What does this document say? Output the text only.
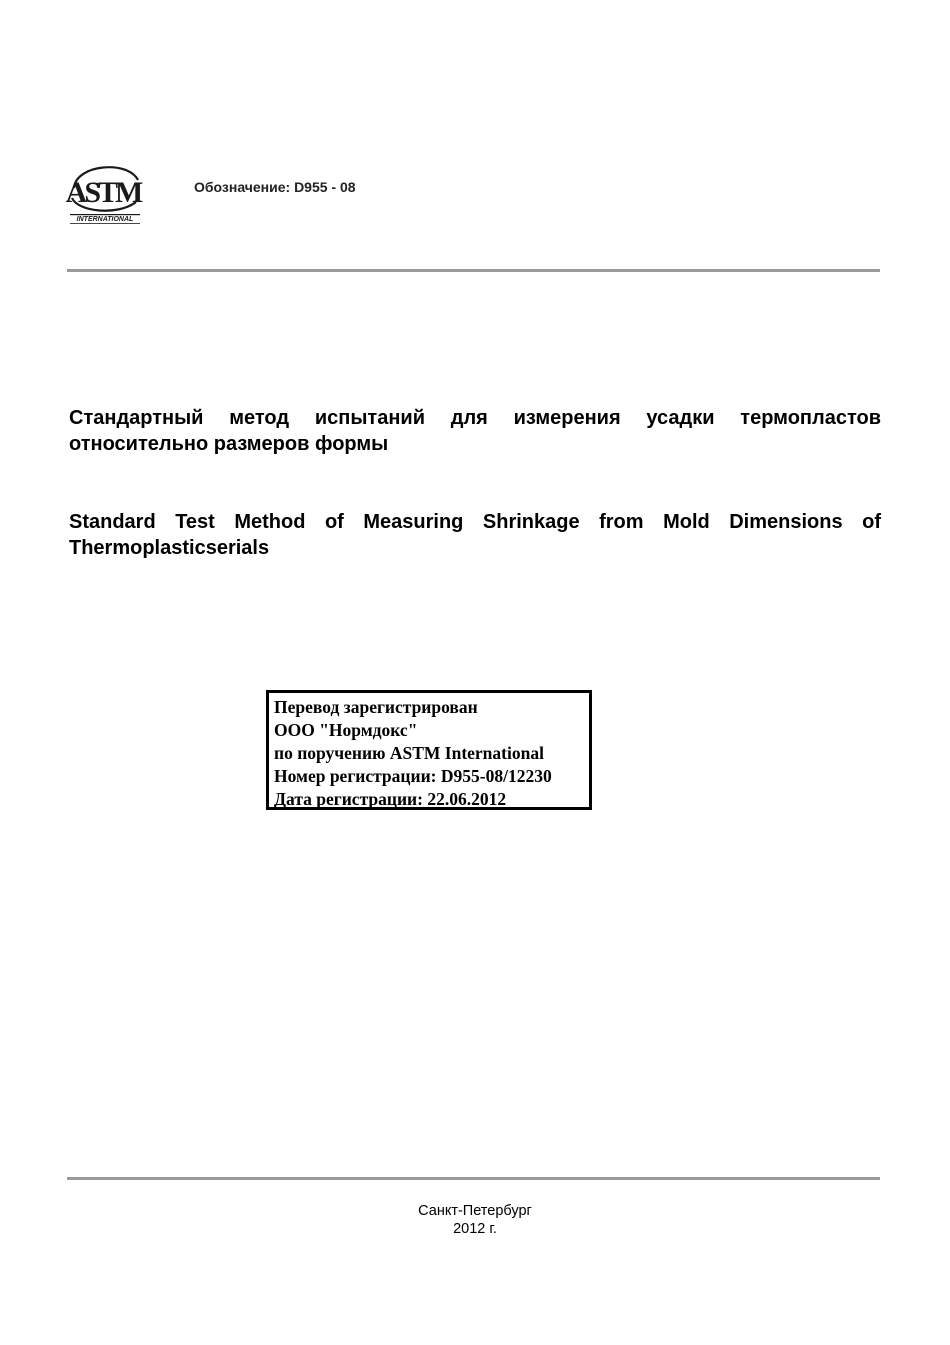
ASTM
INTERNATIONAL
Обозначение: D955 - 08
Стандартный метод испытаний для измерения усадки термопластов относительно размеров формы
Standard Test Method of Measuring Shrinkage from Mold Dimensions of Thermoplasticserials
Перевод зарегистрирован
ООО "Нормдокс"
по поручению ASTM International
Номер регистрации: D955-08/12230
Дата регистрации: 22.06.2012
Санкт-Петербург
2012 г.
